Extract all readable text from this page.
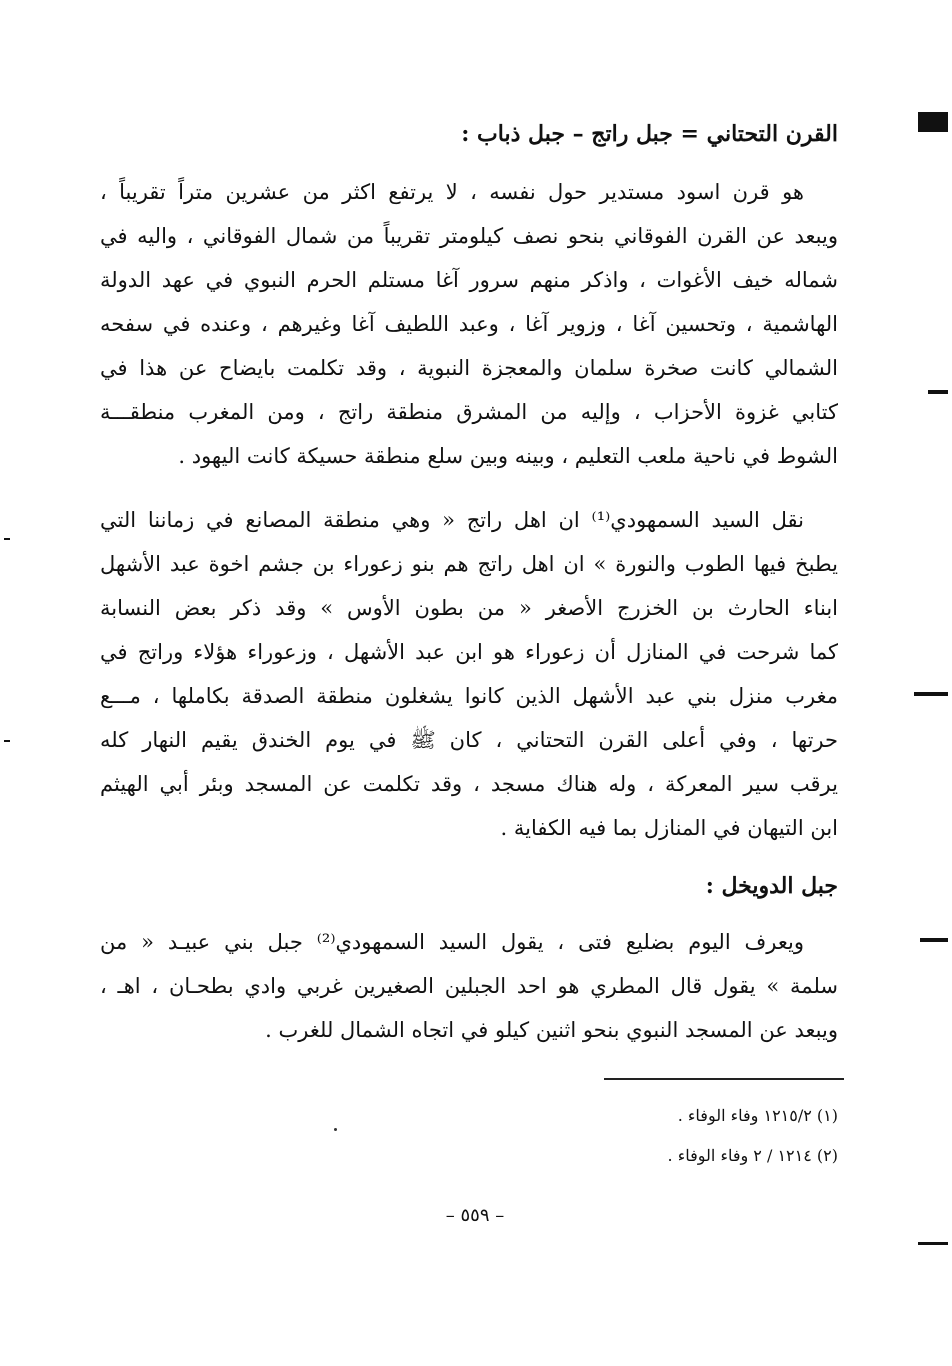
القرن التحتاني = جبل راتج – جبل ذباب :
هو قرن اسود مستدير حول نفسه ، لا يرتفع اكثر من عشرين متراً تقريباً ،
ويبعد عن القرن الفوقاني بنحو نصف كيلومتر تقريباً من شمال الفوقاني ، واليه في
شماله خيف الأغوات ، واذكر منهم سرور آغا مستلم الحرم النبوي في عهد الدولة
الهاشمية ، وتحسين آغا ، وزوير آغا ، وعبد اللطيف آغا وغيرهم ، وعنده في سفحه
الشمالي كانت صخرة سلمان والمعجزة النبوية ، وقد تكلمت بايضاح عن هذا في
كتابي غزوة الأحزاب ، وإليه من المشرق منطقة راتج ، ومن المغرب منطقـــة
الشوط في ناحية ملعب التعليم ، وبينه وبين سلع منطقة حسيكة كانت اليهود .
نقل السيد السمهودي⁽¹⁾ ان اهل راتج « وهي منطقة المصانع في زماننا التي
يطبخ فيها الطوب والنورة » ان اهل راتج هم بنو زعوراء بن جشم اخوة عبد الأشهل
ابناء الحارث بن الخزرج الأصغر « من بطون الأوس » وقد ذكر بعض النسابة
كما شرحت في المنازل أن زعوراء هو ابن عبد الأشهل ، وزعوراء هؤلاء وراتج في
مغرب منزل بني عبد الأشهل الذين كانوا يشغلون منطقة الصدقة بكاملها ، مـــع
حرتها ، وفي أعلى القرن التحتاني ، كان ﷺ في يوم الخندق يقيم النهار كله
يرقب سير المعركة ، وله هناك مسجد ، وقد تكلمت عن المسجد وبئر أبي الهيثم
ابن التيهان في المنازل بما فيه الكفاية .
جبل الدويخل :
ويعرف اليوم بضليع فتى ، يقول السيد السمهودي⁽²⁾ جبل بني عبيـد « من
سلمة » يقول قال المطري هو احد الجبلين الصغيرين غربي وادي بطحـان ، اهـ ،
ويبعد عن المسجد النبوي بنحو اثنين كيلو في اتجاه الشمال للغرب .
(١) ١٢١٥/٢ وفاء الوفاء .
(٢) ١٢١٤ / ٢ وفاء الوفاء .
– ٥٥٩ –
